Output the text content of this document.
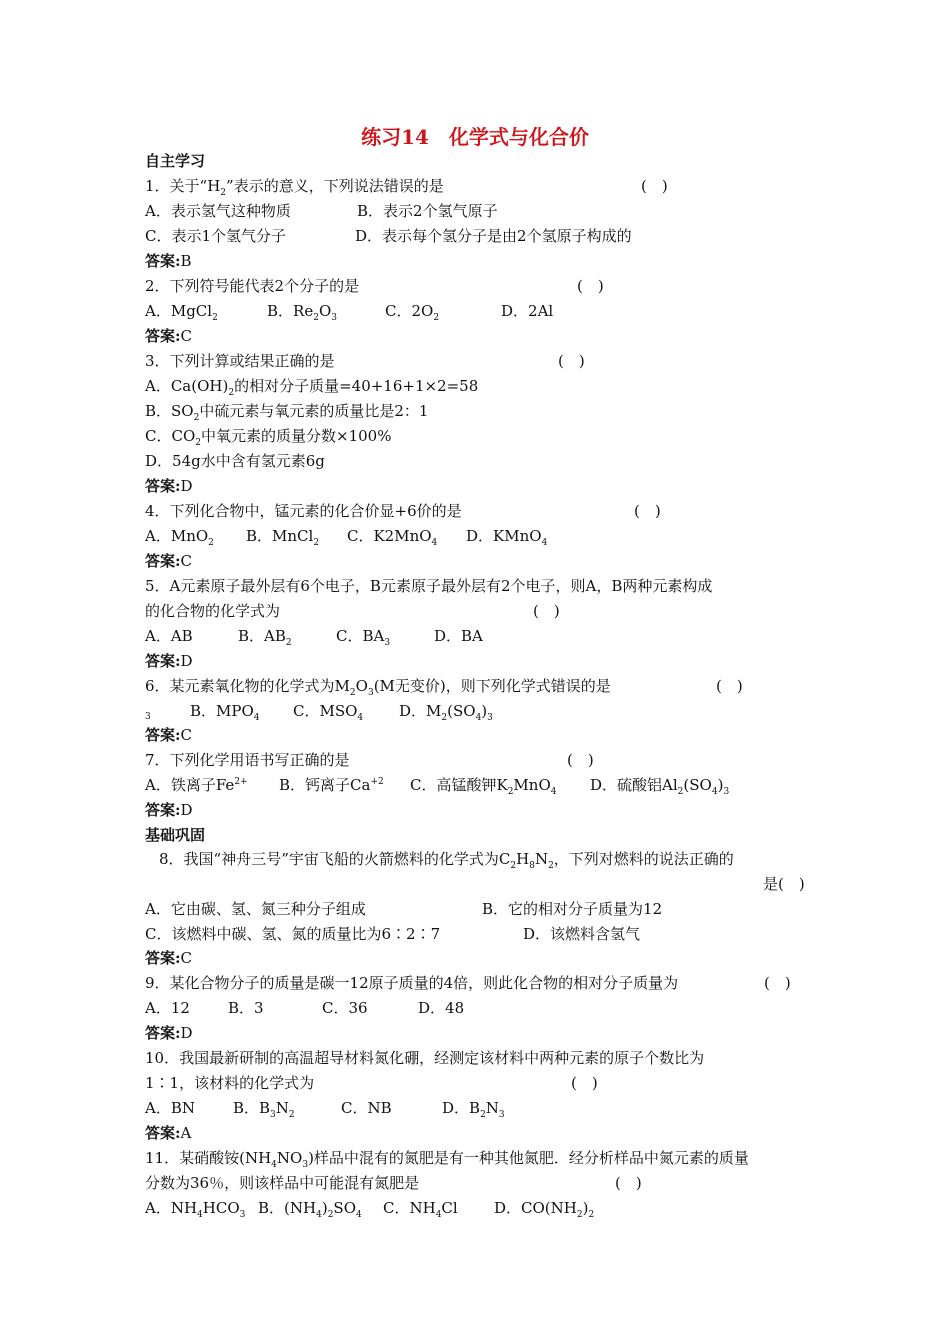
练习14　化学式与化合价
自主学习
1．关于“$H_2$”表示的意义，下列说法错误的是	(　)
A．表示氢气这种物质	B．表示2个氢气原子
C．表示1个氢气分子	D．表示每个氢分子是由2个氢原子构成的
答案:B
2．下列符号能代表2个分子的是	(　)
A．MgCl$_2$	B．$Re_2O_3$	C．$2O_2$	D．2Al
答案:C
3．下列计算或结果正确的是	(　)
A．$Ca(OH)_2$的相对分子质量=40+16+1×2=58
B．$SO_2$中硫元素与氧元素的质量比是2：1
C．$CO_2$中氧元素的质量分数×100%
D．54g水中含有氢元素6g
答案:D
4．下列化合物中，锰元素的化合价显+6价的是	(　)
A．MnO$_2$ B．MnCl$_2$ C．K2MnO$_4$ D．KMnO$_4$
答案:C
5．A元素原子最外层有6个电子，B元素原子最外层有2个电子，则A，B两种元素构成
的化合物的化学式为	(　)
A．AB	B．$AB_2$	C．$BA_3$	D．BA
答案:D
6．某元素氧化物的化学式为$M_2O_3(M$无变价)，则下列化学式错误的是	(　)
3	B．$MPO_4$ C．$MSO_4$ D．$M_2(SO_4)_3$
答案:C
7．下列化学用语书写正确的是	(　)
A．铁离子$Fe^{2+}$ B．钙离子$Ca^{+2}$ C．高锰酸钾$K_2MnO_4$ D．硫酸铝$Al_2(SO_4)_3$
答案:D
基础巩固
8．我国“神舟三号”宇宙飞船的火箭燃料的化学式为$C_2H_8N_2$，下列对燃料的说法正确的
是(　)
A．它由碳、氢、氮三种分子组成	B．它的相对分子质量为12
C．该燃料中碳、氢、氮的质量比为6∶2∶7	D．该燃料含氢气
答案:C
9．某化合物分子的质量是碳一12原子质量的4倍，则此化合物的相对分子质量为	(　)
A．12	B．3	C．36	D．48
答案:D
10．我国最新研制的高温超导材料氮化硼，经测定该材料中两种元素的原子个数比为
1∶1，该材料的化学式为	(　)
A．BN	B．$B_3N_2$	C．NB	D．$B_2N_3$
答案:A
11．某硝酸铵$(NH_4NO_3)$样品中混有的氮肥是有一种其他氮肥．经分析样品中氮元素的质量
分数为36％，则该样品中可能混有氮肥是	(　)
A．$NH_4HCO_3$ B．$(NH_4)_2SO_4$ C．$NH_4Cl$ D．$CO(NH_2)_2$
